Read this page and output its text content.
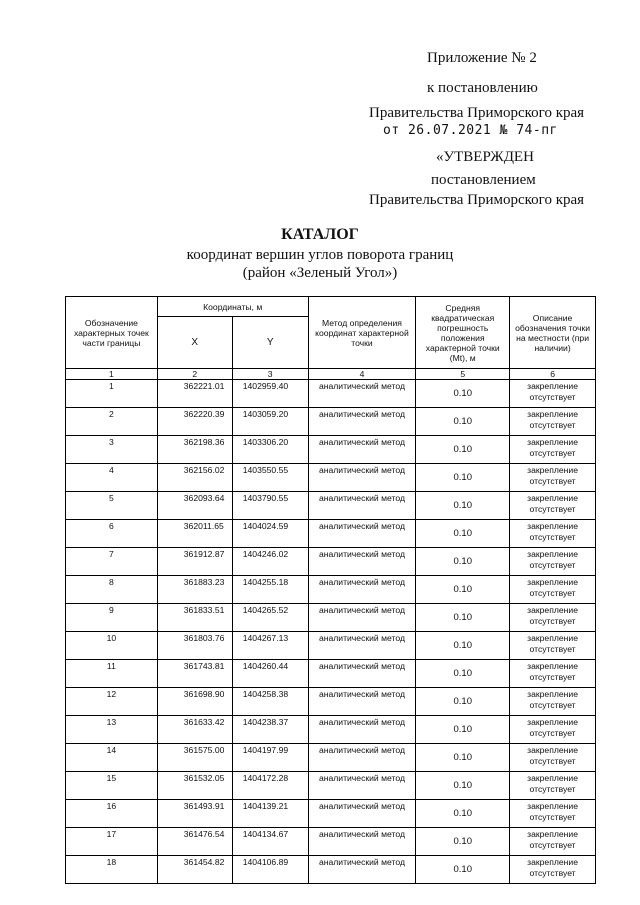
Приложение № 2
к постановлению
Правительства Приморского края
от 26.07.2021 № 74-пг
«УТВЕРЖДЕН
постановлением
Правительства Приморского края
КАТАЛОГ
координат вершин углов поворота границ
(район «Зеленый Угол»)
Обозначение характерных точек части границы	Координаты, м		Метод определения координат характерной точки	Средняя квадратическая погрешность положения характерной точки (Mt), м	Описание обозначения точки на местности (при наличии)
	X	Y			
1	2	3	4	5	6
1	362221.01	1402959.40	аналитический метод	0.10	закрепление отсутствует
2	362220.39	1403059.20	аналитический метод	0.10	закрепление отсутствует
3	362198.36	1403306.20	аналитический метод	0.10	закрепление отсутствует
4	362156.02	1403550.55	аналитический метод	0.10	закрепление отсутствует
5	362093.64	1403790.55	аналитический метод	0.10	закрепление отсутствует
6	362011.65	1404024.59	аналитический метод	0.10	закрепление отсутствует
7	361912.87	1404246.02	аналитический метод	0.10	закрепление отсутствует
8	361883.23	1404255.18	аналитический метод	0.10	закрепление отсутствует
9	361833.51	1404265.52	аналитический метод	0.10	закрепление отсутствует
10	361803.76	1404267.13	аналитический метод	0.10	закрепление отсутствует
11	361743.81	1404260.44	аналитический метод	0.10	закрепление отсутствует
12	361698.90	1404258.38	аналитический метод	0.10	закрепление отсутствует
13	361633.42	1404238.37	аналитический метод	0.10	закрепление отсутствует
14	361575.00	1404197.99	аналитический метод	0.10	закрепление отсутствует
15	361532.05	1404172.28	аналитический метод	0.10	закрепление отсутствует
16	361493.91	1404139.21	аналитический метод	0.10	закрепление отсутствует
17	361476.54	1404134.67	аналитический метод	0.10	закрепление отсутствует
18	361454.82	1404106.89	аналитический метод	0.10	закрепление отсутствует
